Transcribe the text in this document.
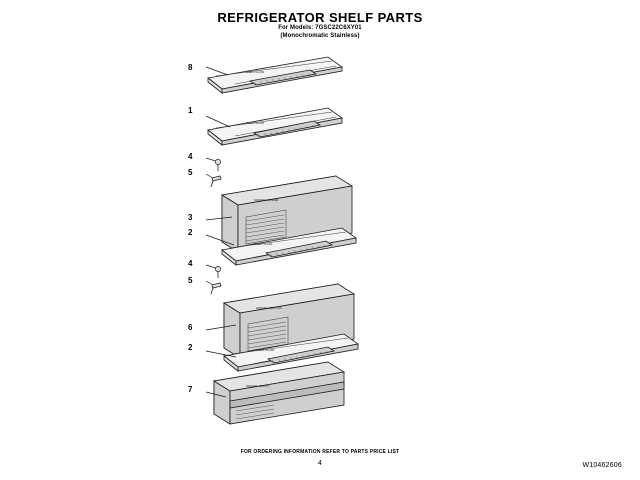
REFRIGERATOR SHELF PARTS
For Models: 7GSC22C6XY01
(Monochromatic Stainless)
SHELF, GLASS
SHELF, GLASS
DRAWER, CRISPER
SHELF, GLASS
DRAWER, MEAT PAN
SHELF, GLASS
DRAWER, PANTRY
8
1
4
5
3
2
4
5
6
2
7
FOR ORDERING INFORMATION REFER TO PARTS PRICE LIST
4	W10462606
